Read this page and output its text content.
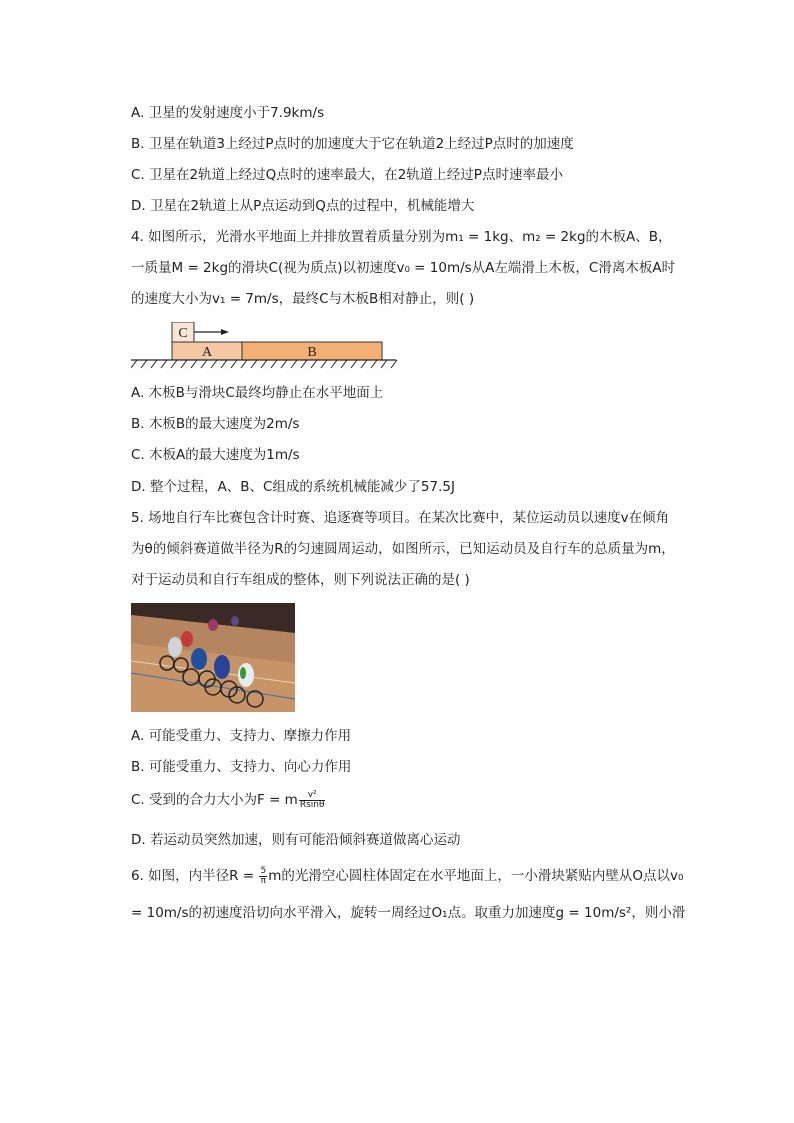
A. 卫星的发射速度小于7.9km/s
B. 卫星在轨道3上经过P点时的加速度大于它在轨道2上经过P点时的加速度
C. 卫星在2轨道上经过Q点时的速率最大，在2轨道上经过P点时速率最小
D. 卫星在2轨道上从P点运动到Q点的过程中，机械能增大
4. 如图所示，光滑水平地面上并排放置着质量分别为m₁ = 1kg、m₂ = 2kg的木板A、B，
一质量M = 2kg的滑块C(视为质点)以初速度v₀ = 10m/s从A左端滑上木板，C滑离木板A时
的速度大小为v₁ = 7m/s，最终C与木板B相对静止，则( )
C
A	B
A. 木板B与滑块C最终均静止在水平地面上
B. 木板B的最大速度为2m/s
C. 木板A的最大速度为1m/s
D. 整个过程，A、B、C组成的系统机械能减少了57.5J
5. 场地自行车比赛包含计时赛、追逐赛等项目。在某次比赛中，某位运动员以速度v在倾角
为θ的倾斜赛道做半径为R的匀速圆周运动，如图所示，已知运动员及自行车的总质量为m，
对于运动员和自行车组成的整体，则下列说法正确的是( )
A. 可能受重力、支持力、摩擦力作用
B. 可能受重力、支持力、向心力作用
C. 受到的合力大小为F = m $\frac{\text{v²}}{Rsin\theta}$
D. 若运动员突然加速，则有可能沿倾斜赛道做离心运动
6. 如图，内半径$R = \frac{5}{\pi}$ m的光滑空心圆柱体固定在水平地面上，一小滑块紧贴内壁从O点以v₀
= 10m/s的初速度沿切向水平滑入，旋转一周经过O₁点。取重力加速度g = 10m/s²，则小滑
